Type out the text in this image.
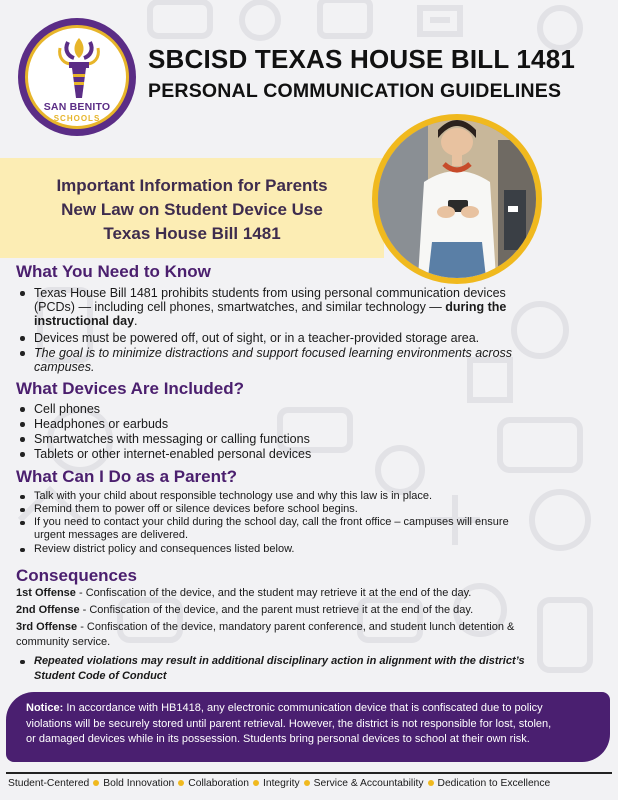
SAN BENITO
SCHOOLS
SBCISD TEXAS HOUSE BILL 1481
PERSONAL COMMUNICATION GUIDELINES
Important Information for Parents
New Law on Student Device Use
Texas House Bill 1481
What You Need to Know
Texas House Bill 1481 prohibits students from using personal communication devices
(PCDs) — including cell phones, smartwatches, and similar technology — during the
instructional day.
Devices must be powered off, out of sight, or in a teacher-provided storage area.
The goal is to minimize distractions and support focused learning environments across
campuses.
What Devices Are Included?
Cell phones
Headphones or earbuds
Smartwatches with messaging or calling functions
Tablets or other internet-enabled personal devices
What Can I Do as a Parent?
Talk with your child about responsible technology use and why this law is in place.
Remind them to power off or silence devices before school begins.
If you need to contact your child during the school day, call the front office – campuses will ensure
urgent messages are delivered.
Review district policy and consequences listed below.
Consequences
1st Offense - Confiscation of the device, and the student may retrieve it at the end of the day.
2nd Offense - Confiscation of the device, and the parent must retrieve it at the end of the day.
3rd Offense - Confiscation of the device, mandatory parent conference, and student lunch detention &
community service.
Repeated violations may result in additional disciplinary action in alignment with the district’s
Student Code of Conduct
Notice: In accordance with HB1418, any electronic communication device that is confiscated due to policy
violations will be securely stored until parent retrieval. However, the district is not responsible for lost, stolen,
or damaged devices while in its possession. Students bring personal devices to school at their own risk.
Student-Centered Bold Innovation Collaboration Integrity Service & Accountability Dedication to Excellence
